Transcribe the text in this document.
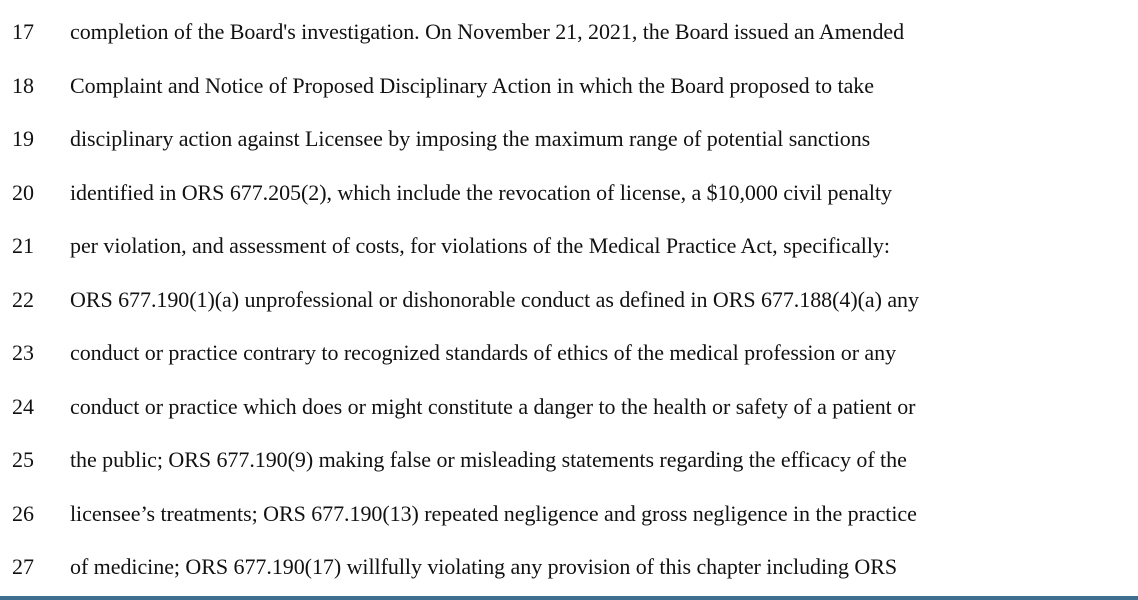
17	completion of the Board's investigation. On November 21, 2021, the Board issued an Amended
18	Complaint and Notice of Proposed Disciplinary Action in which the Board proposed to take
19	disciplinary action against Licensee by imposing the maximum range of potential sanctions
20	identified in ORS 677.205(2), which include the revocation of license, a $10,000 civil penalty
21	per violation, and assessment of costs, for violations of the Medical Practice Act, specifically:
22	ORS 677.190(1)(a) unprofessional or dishonorable conduct as defined in ORS 677.188(4)(a) any
23	conduct or practice contrary to recognized standards of ethics of the medical profession or any
24	conduct or practice which does or might constitute a danger to the health or safety of a patient or
25	the public; ORS 677.190(9) making false or misleading statements regarding the efficacy of the
26	licensee’s treatments; ORS 677.190(13) repeated negligence and gross negligence in the practice
27	of medicine; ORS 677.190(17) willfully violating any provision of this chapter including ORS
